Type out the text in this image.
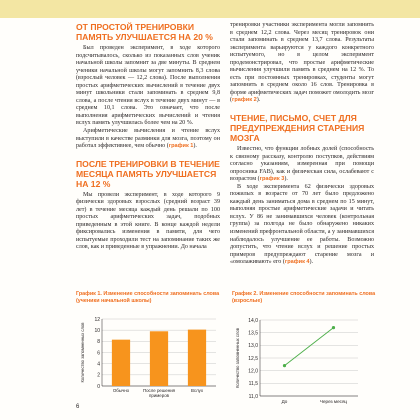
ОТ ПРОСТОЙ ТРЕНИРОВКИ ПАМЯТЬ УЛУЧШАЕТСЯ НА 20 %

Был проведен эксперимент, в ходе которого подсчитывалось, сколько из показанных слов ученик начальной школы запомнит за две минуты. В среднем ученики начальной школы могут запомнить 8,3 слова (взрослый человек — 12,2 слова). После выполнения простых арифметических вычислений в течение двух минут школьники стали запоминать в среднем 9,8 слова, а после чтения вслух в течение двух минут — в среднем 10,1 слова. Это означает, что после выполнения арифметических вычислений и чтения вслух память улучшилась более чем на 20 %.

Арифметические вычисления и чтение вслух выступили в качестве разминки для мозга, поэтому он работал эффективнее, чем обычно (график 1).

ПОСЛЕ ТРЕНИРОВКИ В ТЕЧЕНИЕ МЕСЯЦА ПАМЯТЬ УЛУЧШАЕТСЯ НА 12 %

Мы провели эксперимент, в ходе которого 9 физически здоровых взрослых (средний возраст 39 лет) в течение месяца каждый день решали по 100 простых арифметических задач, подобных приведенным в этой книге. В конце каждой недели фиксировались изменения в памяти, для чего испытуемые проходили тест на запоминание таких же слов, как и приведенные в упражнении. До начала

тренировки участники эксперимента могли запомнить в среднем 12,2 слова. Через месяц тренировок они стали запоминать в среднем 13,7 слова. Результаты эксперимента варьируются у каждого конкретного испытуемого, но в целом эксперимент продемонстрировал, что простые арифметические вычисления улучшили память в среднем на 12 %. То есть при постоянных тренировках, студенты могут запомнить в среднем около 16 слов. Тренировка в форме арифметических задач поможет омолодить мозг (график 2).

ЧТЕНИЕ, ПИСЬМО, СЧЕТ ДЛЯ ПРЕДУПРЕЖДЕНИЯ СТАРЕНИЯ МОЗГА

Известно, что функции лобных долей (способность к связному рассказу, контролю поступков, действиям согласно указаниям, измеренная при помощи опросника FAB), как и физическая сила, ослабевают с возрастом (график 3).

В ходе эксперимента 62 физически здоровых пожилых в возрасте от 70 лет было предложено каждый день заниматься дома в среднем по 15 минут, выполняя простые арифметические задачи и читать вслух. У 86 не занимавшихся человек (контрольная группа) за полгода не было обнаружено никаких изменений префронтальной области, а у занимавшихся наблюдалось улучшение ее работы. Возможно допустить, что чтение вслух и решение простых примеров предупреждают старение мозга и «омолаживают» его (график 4).

График 1. Изменение способности запоминать слова (ученики начальной школы)
0
2
4
6
8
10
12
Количество запомненных слов
Обычно	После решения примеров
Вслух
График 2. Изменение способности запоминать слова (взрослые)
11,0
11,5
12,0
12,5
13,0
13,5
14,0
Количество запомненных слов
До	Через месяц
6
